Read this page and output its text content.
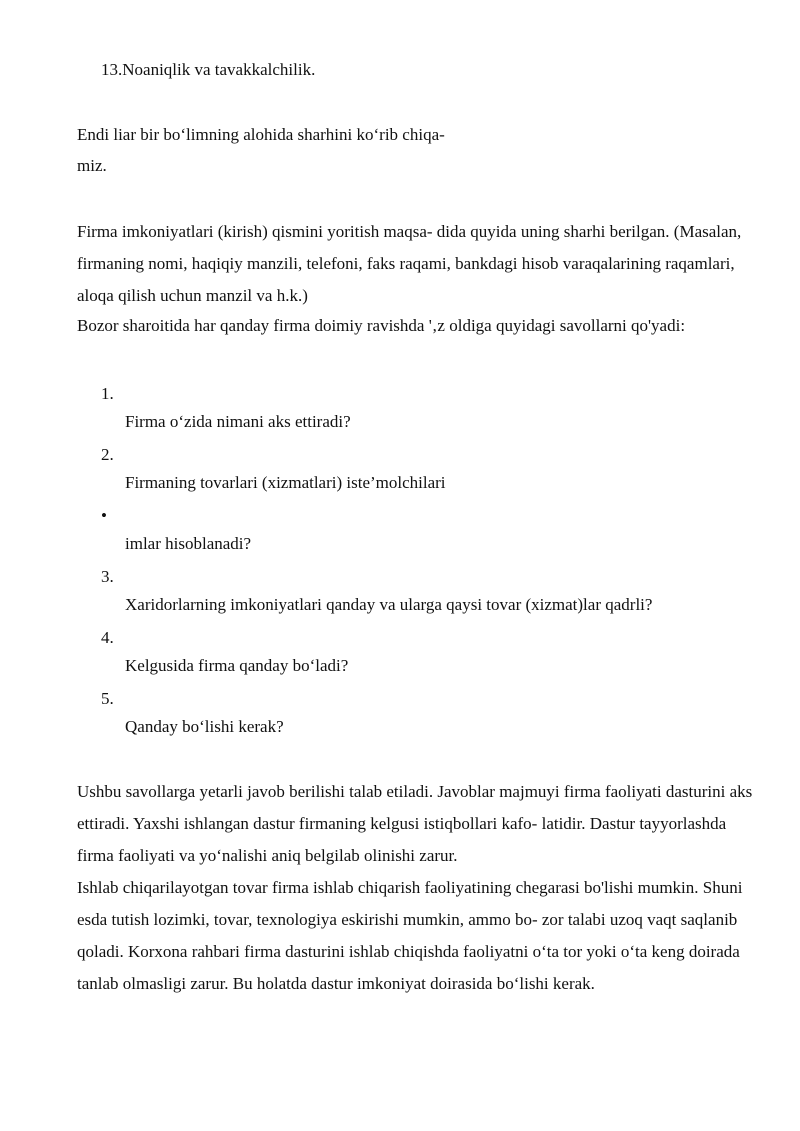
13.Noaniqlik va tavakkalchilik.

Endi liar bir bo‘limning alohida sharhini ko‘rib chiqa-

miz.

Firma imkoniyatlari (kirish) qismini yoritish maqsa- dida quyida uning sharhi berilgan. (Masalan, firmaning nomi, haqiqiy manzili, telefoni, faks raqami, bankdagi hisob varaqalarining raqamlari, aloqa qilish uchun manzil va h.k.)

Bozor sharoitida har qanday firma doimiy ravishda '‚z oldiga quyidagi savollarni qo'yadi:

1.

Firma o‘zida nimani aks ettiradi?

2.

Firmaning tovarlari (xizmatlari) iste’molchilari

•

imlar hisoblanadi?

3.

Xaridorlarning imkoniyatlari qanday va ularga qaysi tovar (xizmat)lar qadrli?

4.

Kelgusida firma qanday bo‘ladi?

5.

Qanday bo‘lishi kerak?

Ushbu savollarga yetarli javob berilishi talab etiladi. Javoblar majmuyi firma faoliyati dasturini aks ettiradi. Yaxshi ishlangan dastur firmaning kelgusi istiqbollari kafo- latidir. Dastur tayyorlashda firma faoliyati va yo‘nalishi aniq belgilab olinishi zarur.

Ishlab chiqarilayotgan tovar firma ishlab chiqarish faoliyatining chegarasi bo'lishi mumkin. Shuni esda tutish lozimki, tovar, texnologiya eskirishi mumkin, ammo bo- zor talabi uzoq vaqt saqlanib qoladi. Korxona rahbari firma dasturini ishlab chiqishda faoliyatni o‘ta tor yoki o‘ta keng doirada tanlab olmasligi zarur. Bu holatda dastur imkoniyat doirasida bo‘lishi kerak.
